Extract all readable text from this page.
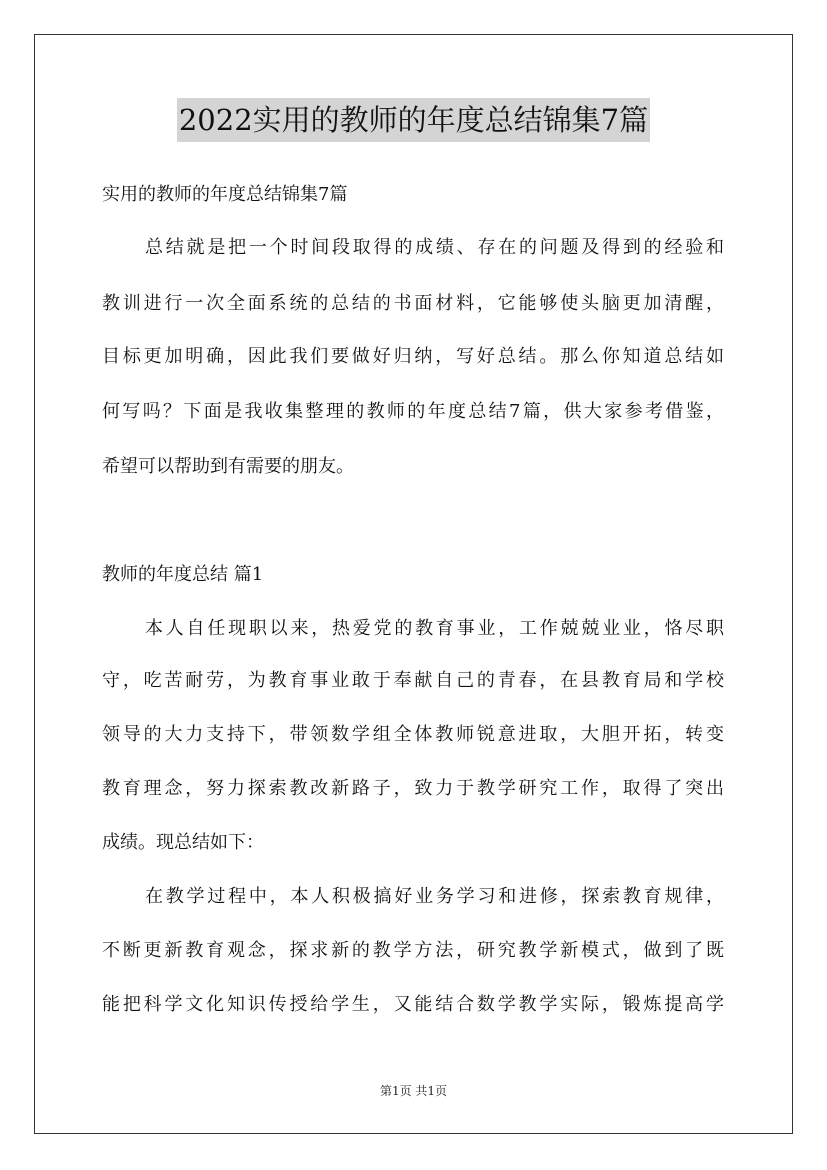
2022实用的教师的年度总结锦集7篇
实用的教师的年度总结锦集7篇
总结就是把一个时间段取得的成绩、存在的问题及得到的经验和
教训进行一次全面系统的总结的书面材料，它能够使头脑更加清醒，
目标更加明确，因此我们要做好归纳，写好总结。那么你知道总结如
何写吗？下面是我收集整理的教师的年度总结7篇，供大家参考借鉴，
希望可以帮助到有需要的朋友。
教师的年度总结 篇1
本人自任现职以来，热爱党的教育事业，工作兢兢业业，恪尽职
守，吃苦耐劳，为教育事业敢于奉献自己的青春，在县教育局和学校
领导的大力支持下，带领数学组全体教师锐意进取，大胆开拓，转变
教育理念，努力探索教改新路子，致力于教学研究工作，取得了突出
成绩。现总结如下：
在教学过程中，本人积极搞好业务学习和进修，探索教育规律，
不断更新教育观念，探求新的教学方法，研究教学新模式，做到了既
能把科学文化知识传授给学生，又能结合数学教学实际，锻炼提高学
第1页 共1页
